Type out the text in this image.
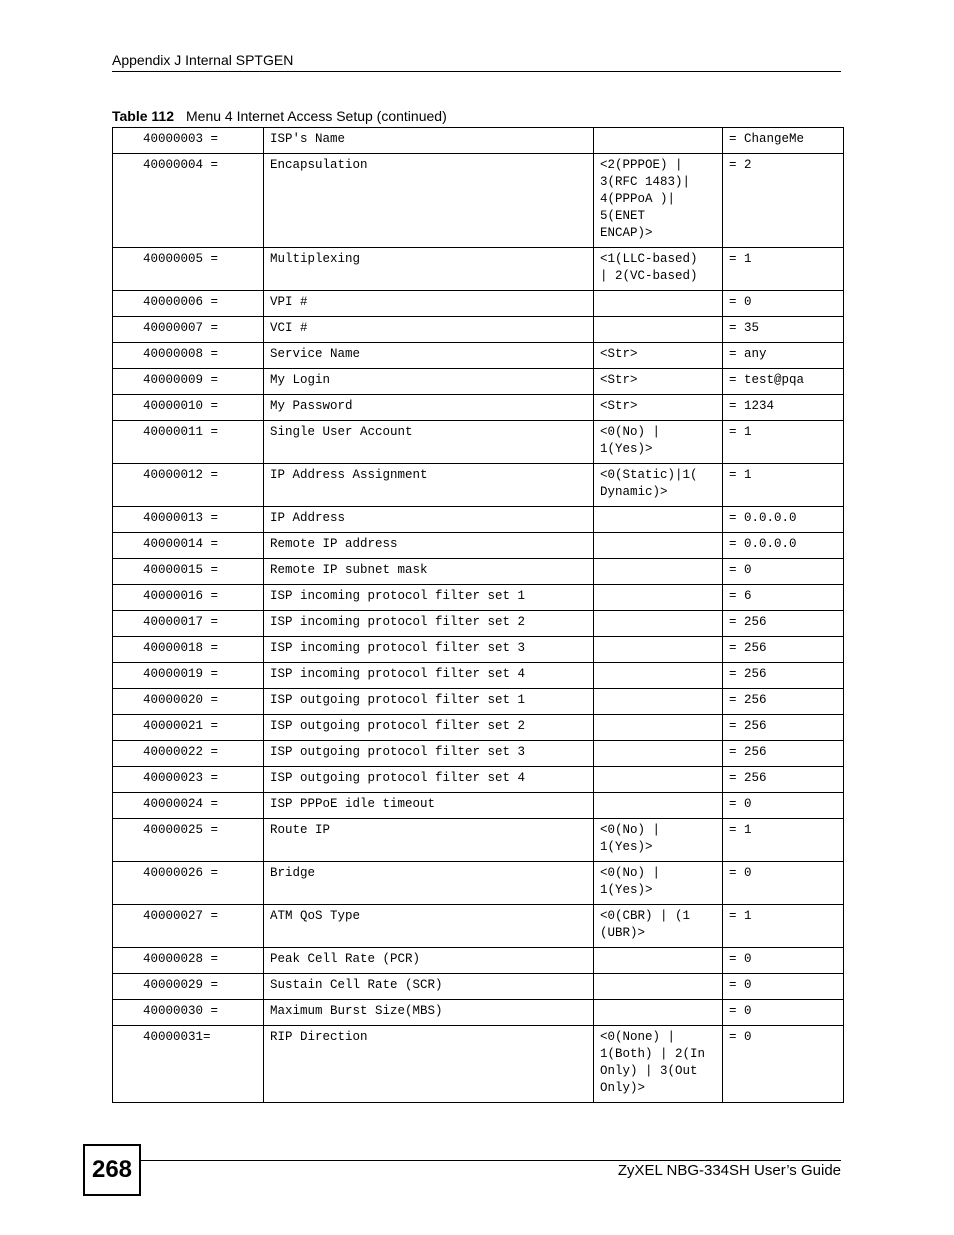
Appendix J Internal SPTGEN
Table 112 Menu 4 Internet Access Setup (continued)
40000003 =	ISP's Name		= ChangeMe
40000004 =	Encapsulation	<2(PPPOE) |
3(RFC 1483)|
4(PPPoA )|
5(ENET
ENCAP)>	= 2
40000005 =	Multiplexing	<1(LLC-based)
| 2(VC-based)	= 1
40000006 =	VPI #		= 0
40000007 =	VCI #		= 35
40000008 =	Service Name	<Str>	= any
40000009 =	My Login	<Str>	= test@pqa
40000010 =	My Password	<Str>	= 1234
40000011 =	Single User Account	<0(No) |
1(Yes)>	= 1
40000012 =	IP Address Assignment	<0(Static)|1(
Dynamic)>	= 1
40000013 =	IP Address		= 0.0.0.0
40000014 =	Remote IP address		= 0.0.0.0
40000015 =	Remote IP subnet mask		= 0
40000016 =	ISP incoming protocol filter set 1		= 6
40000017 =	ISP incoming protocol filter set 2		= 256
40000018 =	ISP incoming protocol filter set 3		= 256
40000019 =	ISP incoming protocol filter set 4		= 256
40000020 =	ISP outgoing protocol filter set 1		= 256
40000021 =	ISP outgoing protocol filter set 2		= 256
40000022 =	ISP outgoing protocol filter set 3		= 256
40000023 =	ISP outgoing protocol filter set 4		= 256
40000024 =	ISP PPPoE idle timeout		= 0
40000025 =	Route IP	<0(No) |
1(Yes)>	= 1
40000026 =	Bridge	<0(No) |
1(Yes)>	= 0
40000027 =	ATM QoS Type	<0(CBR) | (1
(UBR)>	= 1
40000028 =	Peak Cell Rate (PCR)		= 0
40000029 =	Sustain Cell Rate (SCR)		= 0
40000030 =	Maximum Burst Size(MBS)		= 0
40000031=	RIP Direction	<0(None) |
1(Both) | 2(In
Only) | 3(Out
Only)>	= 0
268	ZyXEL NBG-334SH User’s Guide
